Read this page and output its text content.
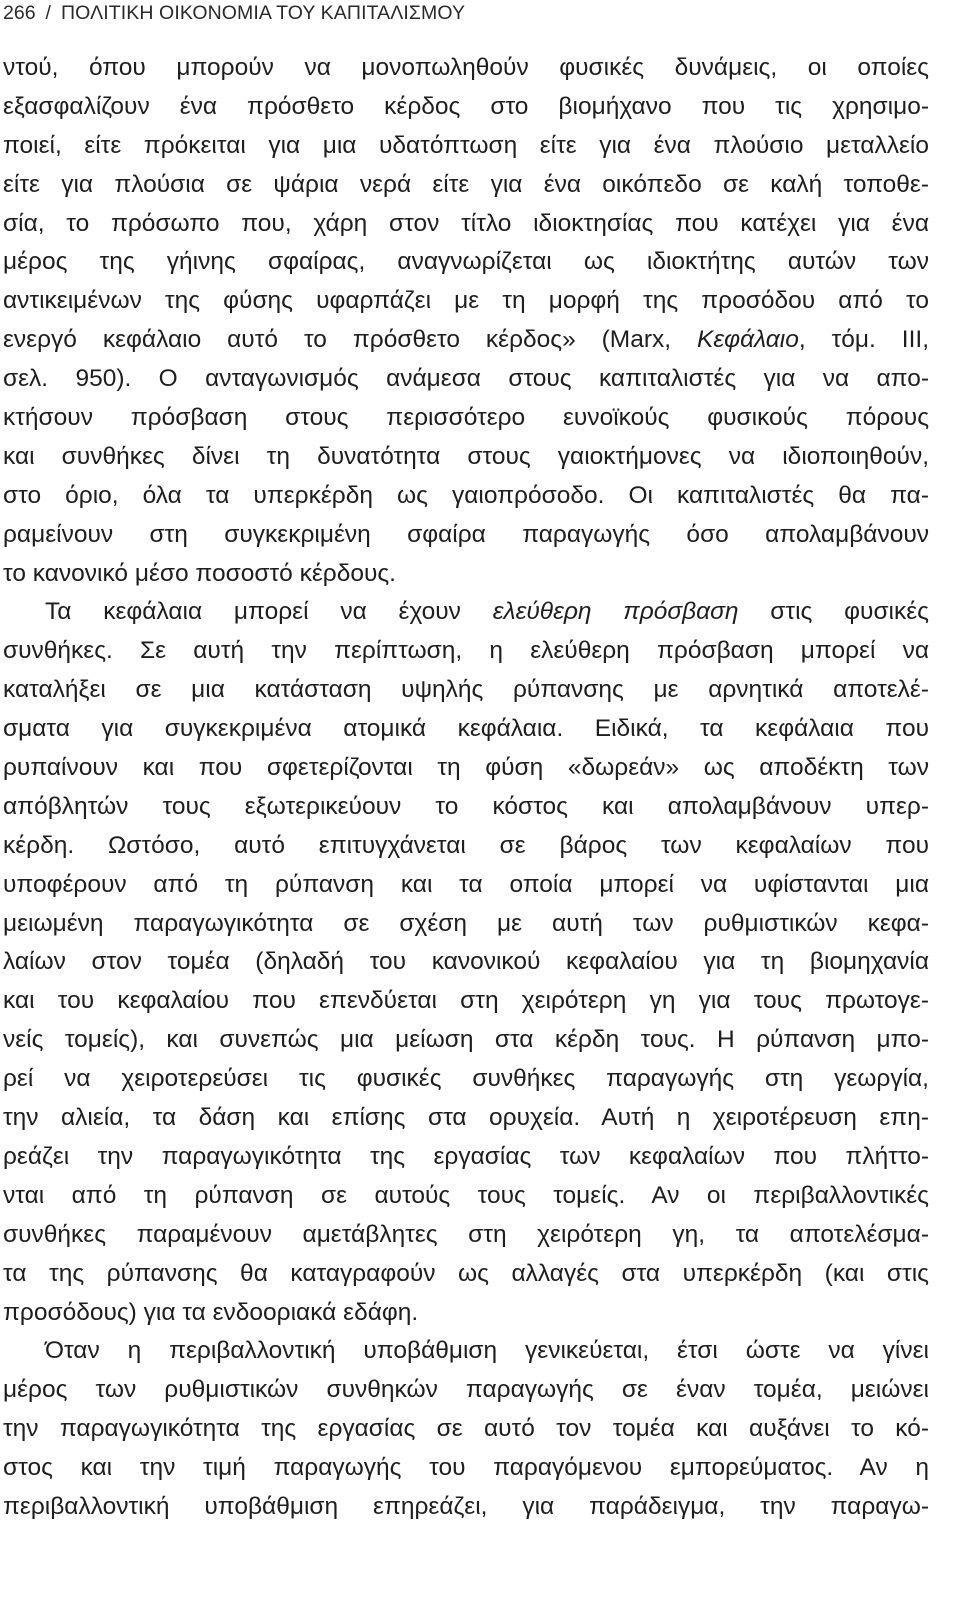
266 / ΠΟΛΙΤΙΚΗ ΟΙΚΟΝΟΜΙΑ ΤΟΥ ΚΑΠΙΤΑΛΙΣΜΟΥ
ντού, όπου μπορούν να μονοπωληθούν φυσικές δυνάμεις, οι οποίες
εξασφαλίζουν ένα πρόσθετο κέρδος στο βιομήχανο που τις χρησιμο-
ποιεί, είτε πρόκειται για μια υδατόπτωση είτε για ένα πλούσιο μεταλλείο
είτε για πλούσια σε ψάρια νερά είτε για ένα οικόπεδο σε καλή τοποθε-
σία, το πρόσωπο που, χάρη στον τίτλο ιδιοκτησίας που κατέχει για ένα
μέρος της γήινης σφαίρας, αναγνωρίζεται ως ιδιοκτήτης αυτών των
αντικειμένων της φύσης υφαρπάζει με τη μορφή της προσόδου από το
ενεργό κεφάλαιο αυτό το πρόσθετο κέρδος» (Marx, Κεφάλαιο, τόμ. III,
σελ. 950). Ο ανταγωνισμός ανάμεσα στους καπιταλιστές για να απο-
κτήσουν πρόσβαση στους περισσότερο ευνοϊκούς φυσικούς πόρους
και συνθήκες δίνει τη δυνατότητα στους γαιοκτήμονες να ιδιοποιηθούν,
στο όριο, όλα τα υπερκέρδη ως γαιοπρόσοδο. Οι καπιταλιστές θα πα-
ραμείνουν στη συγκεκριμένη σφαίρα παραγωγής όσο απολαμβάνουν
το κανονικό μέσο ποσοστό κέρδους.
Τα κεφάλαια μπορεί να έχουν ελεύθερη πρόσβαση στις φυσικές
συνθήκες. Σε αυτή την περίπτωση, η ελεύθερη πρόσβαση μπορεί να
καταλήξει σε μια κατάσταση υψηλής ρύπανσης με αρνητικά αποτελέ-
σματα για συγκεκριμένα ατομικά κεφάλαια. Ειδικά, τα κεφάλαια που
ρυπαίνουν και που σφετερίζονται τη φύση «δωρεάν» ως αποδέκτη των
απόβλητών τους εξωτερικεύουν το κόστος και απολαμβάνουν υπερ-
κέρδη. Ωστόσο, αυτό επιτυγχάνεται σε βάρος των κεφαλαίων που
υποφέρουν από τη ρύπανση και τα οποία μπορεί να υφίστανται μια
μειωμένη παραγωγικότητα σε σχέση με αυτή των ρυθμιστικών κεφα-
λαίων στον τομέα (δηλαδή του κανονικού κεφαλαίου για τη βιομηχανία
και του κεφαλαίου που επενδύεται στη χειρότερη γη για τους πρωτογε-
νείς τομείς), και συνεπώς μια μείωση στα κέρδη τους. Η ρύπανση μπο-
ρεί να χειροτερεύσει τις φυσικές συνθήκες παραγωγής στη γεωργία,
την αλιεία, τα δάση και επίσης στα ορυχεία. Αυτή η χειροτέρευση επη-
ρεάζει την παραγωγικότητα της εργασίας των κεφαλαίων που πλήττο-
νται από τη ρύπανση σε αυτούς τους τομείς. Αν οι περιβαλλοντικές
συνθήκες παραμένουν αμετάβλητες στη χειρότερη γη, τα αποτελέσμα-
τα της ρύπανσης θα καταγραφούν ως αλλαγές στα υπερκέρδη (και στις
προσόδους) για τα ενδοοριακά εδάφη.
Όταν η περιβαλλοντική υποβάθμιση γενικεύεται, έτσι ώστε να γίνει
μέρος των ρυθμιστικών συνθηκών παραγωγής σε έναν τομέα, μειώνει
την παραγωγικότητα της εργασίας σε αυτό τον τομέα και αυξάνει το κό-
στος και την τιμή παραγωγής του παραγόμενου εμπορεύματος. Αν η
περιβαλλοντική υποβάθμιση επηρεάζει, για παράδειγμα, την παραγω-
